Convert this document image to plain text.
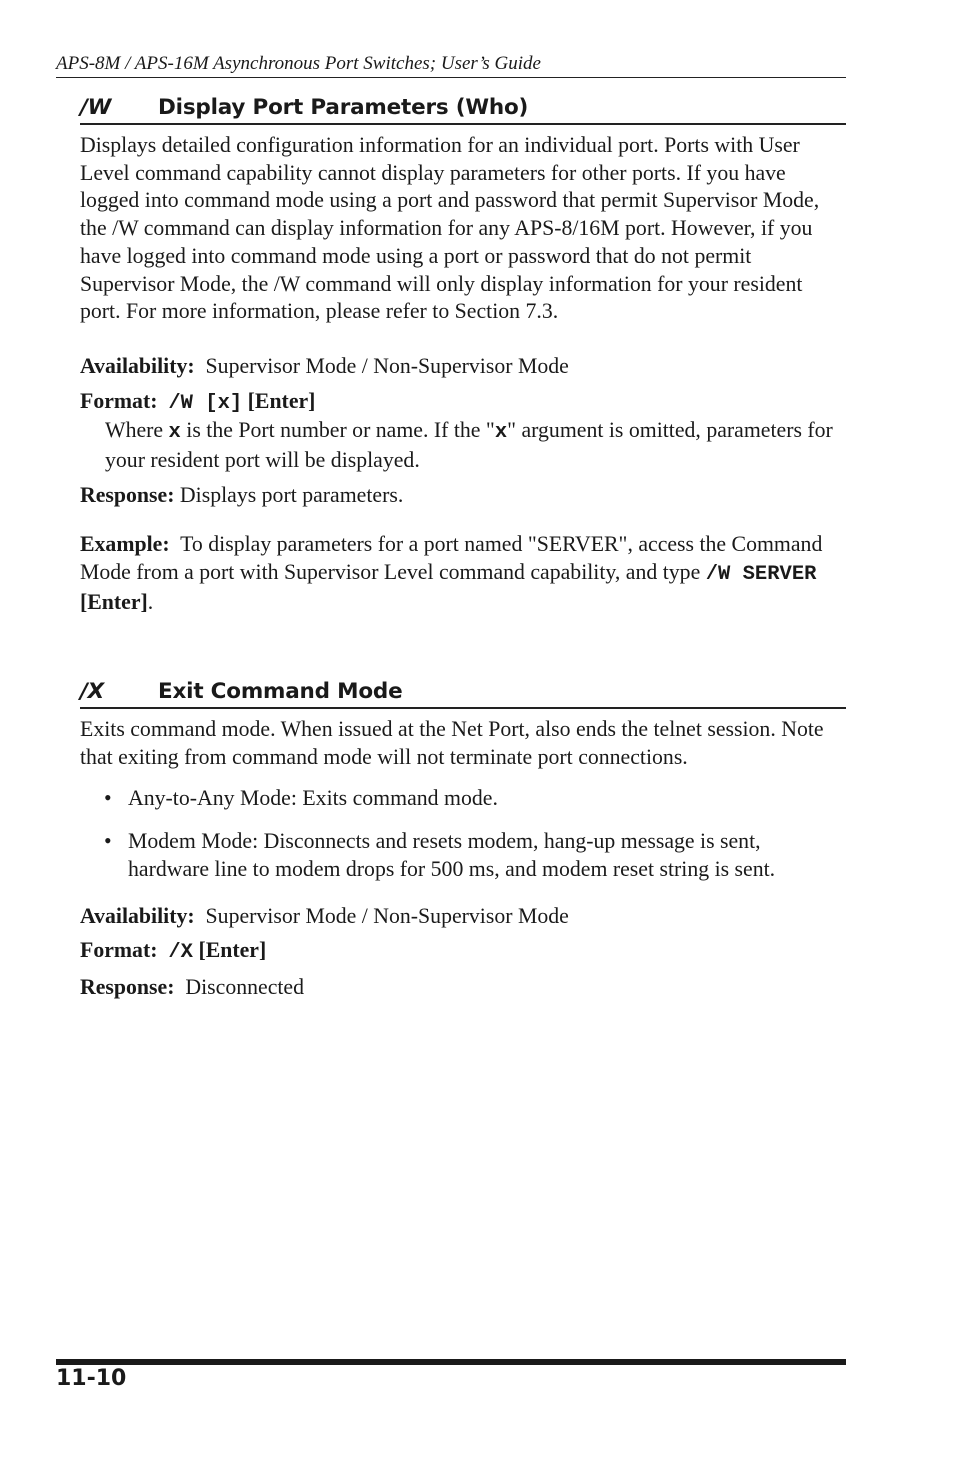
APS-8M / APS-16M Asynchronous Port Switches; User’s Guide
/W	Display Port Parameters (Who)

Displays detailed configuration information for an individual port. Ports with User Level command capability cannot display parameters for other ports. If you have logged into command mode using a port and password that permit Supervisor Mode, the /W command can display information for any APS-8/16M port. However, if you have logged into command mode using a port or password that do not permit Supervisor Mode, the /W command will only display information for your resident port. For more information, please refer to Section 7.3.

Availability: Supervisor Mode / Non-Supervisor Mode

Format: /W [x] [Enter]

Where x is the Port number or name. If the "x" argument is omitted, parameters for your resident port will be displayed.

Response: Displays port parameters.

Example: To display parameters for a port named "SERVER", access the Command Mode from a port with Supervisor Level command capability, and type /W SERVER [Enter].

/X	Exit Command Mode

Exits command mode. When issued at the Net Port, also ends the telnet session. Note that exiting from command mode will not terminate port connections.

• Any-to-Any Mode: Exits command mode.
• Modem Mode: Disconnects and resets modem, hang-up message is sent, hardware line to modem drops for 500 ms, and modem reset string is sent.

Availability: Supervisor Mode / Non-Supervisor Mode

Format: /X [Enter]

Response: Disconnected

11-10
